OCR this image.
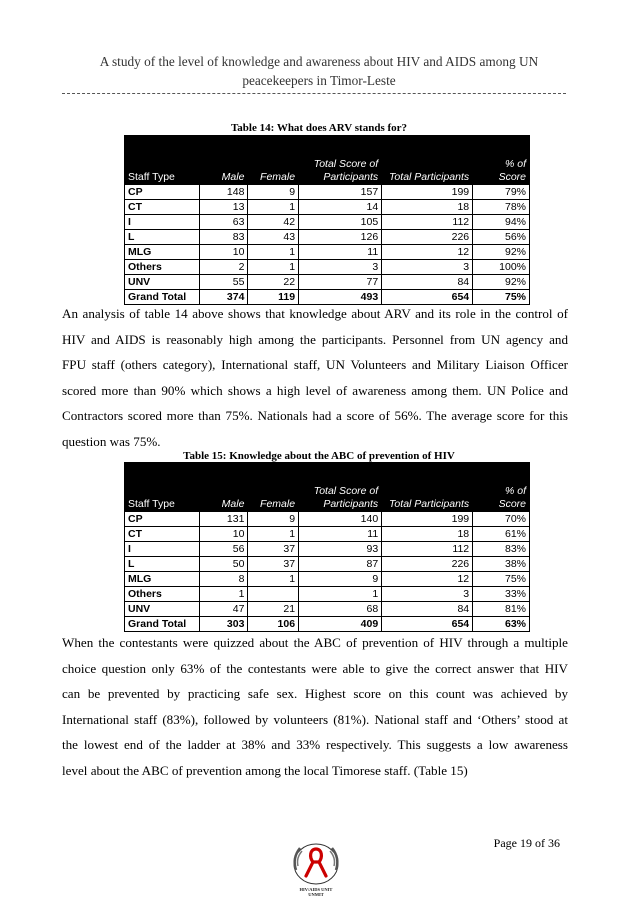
A study of the level of knowledge and awareness about HIV and AIDS among UN
peacekeepers in Timor-Leste
Table 14: What does ARV stands for?
Staff Type	Male	Female	Total Score of Participants	Total Participants	% of Score
CP	148	9	157	199	79%
CT	13	1	14	18	78%
I	63	42	105	112	94%
L	83	43	126	226	56%
MLG	10	1	11	12	92%
Others	2	1	3	3	100%
UNV	55	22	77	84	92%
Grand Total	374	119	493	654	75%
An analysis of table 14 above shows that knowledge about ARV and its role in the control of
HIV and AIDS is reasonably high among the participants. Personnel from UN agency and
FPU staff (others category), International staff, UN Volunteers and Military Liaison Officer
scored more than 90% which shows a high level of awareness among them. UN Police and
Contractors scored more than 75%. Nationals had a score of 56%. The average score for this
question was 75%.
Table 15: Knowledge about the ABC of prevention of HIV
Staff Type	Male	Female	Total Score of Participants	Total Participants	% of Score
CP	131	9	140	199	70%
CT	10	1	11	18	61%
I	56	37	93	112	83%
L	50	37	87	226	38%
MLG	8	1	9	12	75%
Others	1		1	3	33%
UNV	47	21	68	84	81%
Grand Total	303	106	409	654	63%
When the contestants were quizzed about the ABC of prevention of HIV through a multiple
choice question only 63% of the contestants were able to give the correct answer that HIV
can be prevented by practicing safe sex. Highest score on this count was achieved by
International staff (83%), followed by volunteers (81%). National staff and ‘Others’ stood at
the lowest end of the ladder at 38% and 33% respectively. This suggests a low awareness
level about the ABC of prevention among the local Timorese staff. (Table 15)
HIV/AIDS UNIT
UNMIT
Page 19 of 36
